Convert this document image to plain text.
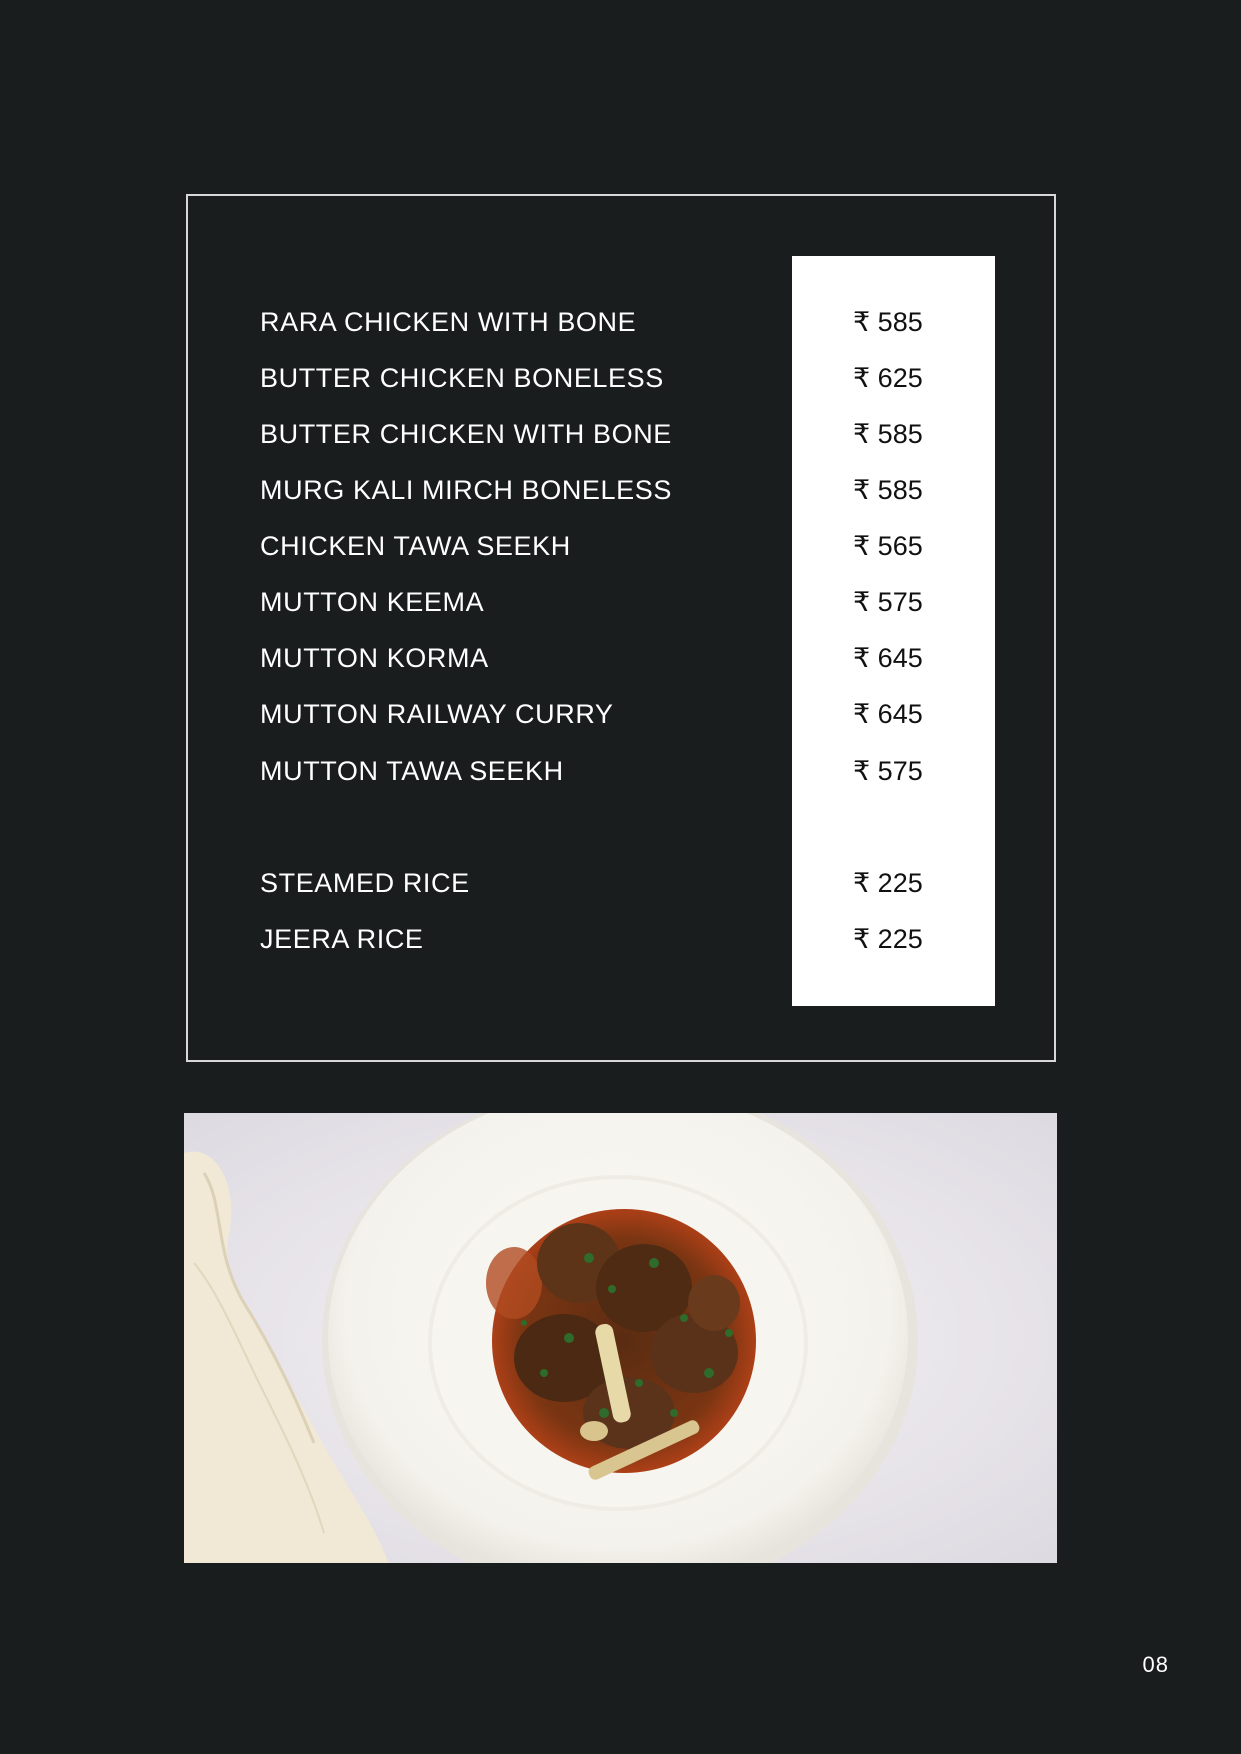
RARA CHICKEN WITH BONE	₹ 585
BUTTER CHICKEN BONELESS	₹ 625
BUTTER CHICKEN WITH BONE	₹ 585
MURG KALI MIRCH BONELESS	₹ 585
CHICKEN TAWA SEEKH	₹ 565
MUTTON KEEMA	₹ 575
MUTTON KORMA	₹ 645
MUTTON RAILWAY CURRY	₹ 645
MUTTON TAWA SEEKH	₹ 575
STEAMED RICE	₹ 225
JEERA RICE	₹ 225
08
